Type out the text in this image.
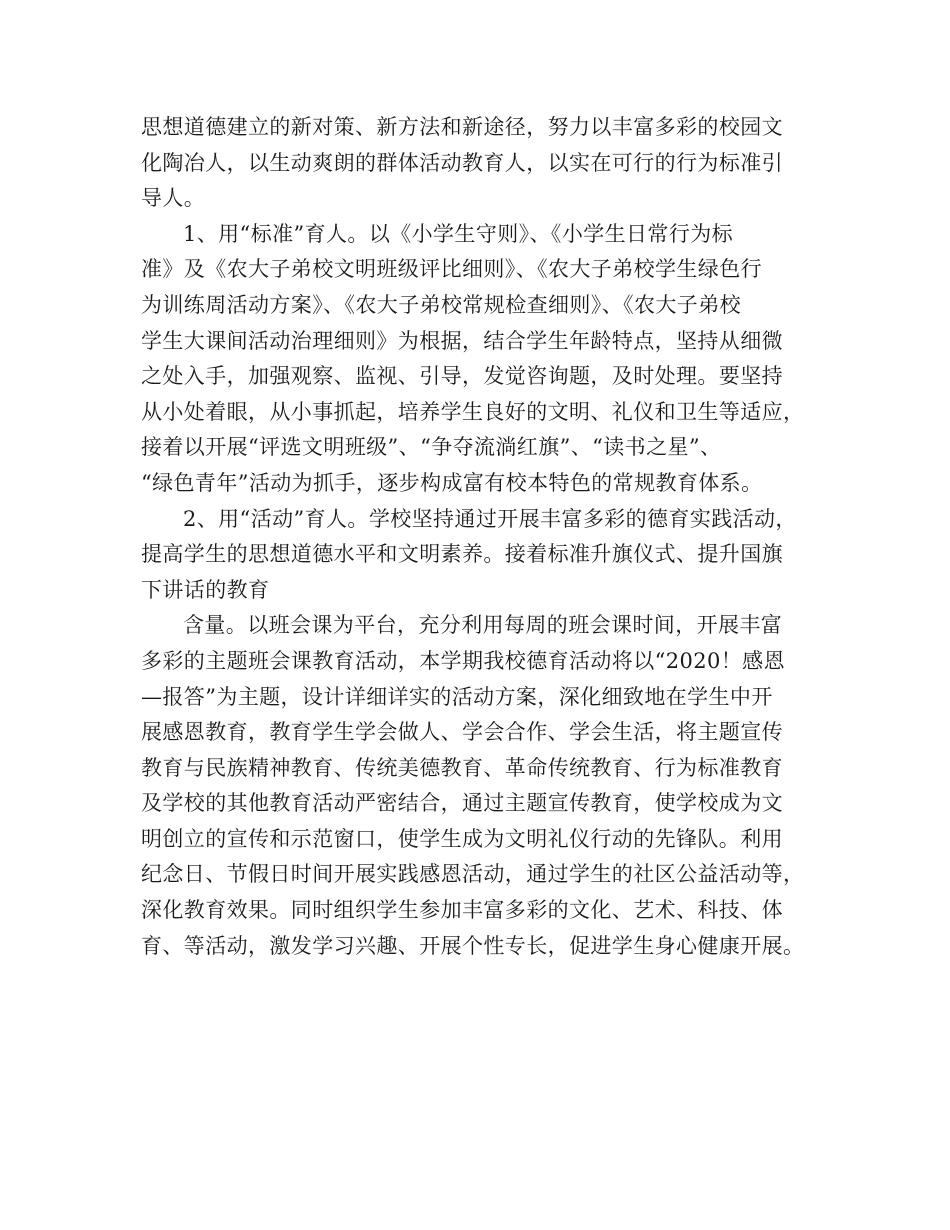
思想道德建立的新对策、新方法和新途径，努力以丰富多彩的校园文
化陶冶人，以生动爽朗的群体活动教育人，以实在可行的行为标准引
导人。
1、用“标准”育人。以《小学生守则》、《小学生日常行为标
准》及《农大子弟校文明班级评比细则》、《农大子弟校学生绿色行
为训练周活动方案》、《农大子弟校常规检查细则》、《农大子弟校
学生大课间活动治理细则》为根据，结合学生年龄特点，坚持从细微
之处入手，加强观察、监视、引导，发觉咨询题，及时处理。要坚持
从小处着眼，从小事抓起，培养学生良好的文明、礼仪和卫生等适应，
接着以开展“评选文明班级”、“争夺流淌红旗”、“读书之星”、
“绿色青年”活动为抓手，逐步构成富有校本特色的常规教育体系。
2、用“活动”育人。学校坚持通过开展丰富多彩的德育实践活动，
提高学生的思想道德水平和文明素养。接着标准升旗仪式、提升国旗
下讲话的教育
含量。以班会课为平台，充分利用每周的班会课时间，开展丰富
多彩的主题班会课教育活动，本学期我校德育活动将以“2020！感恩
—报答”为主题，设计详细详实的活动方案，深化细致地在学生中开
展感恩教育，教育学生学会做人、学会合作、学会生活，将主题宣传
教育与民族精神教育、传统美德教育、革命传统教育、行为标准教育
及学校的其他教育活动严密结合，通过主题宣传教育，使学校成为文
明创立的宣传和示范窗口，使学生成为文明礼仪行动的先锋队。利用
纪念日、节假日时间开展实践感恩活动，通过学生的社区公益活动等，
深化教育效果。同时组织学生参加丰富多彩的文化、艺术、科技、体
育、等活动，激发学习兴趣、开展个性专长，促进学生身心健康开展。
